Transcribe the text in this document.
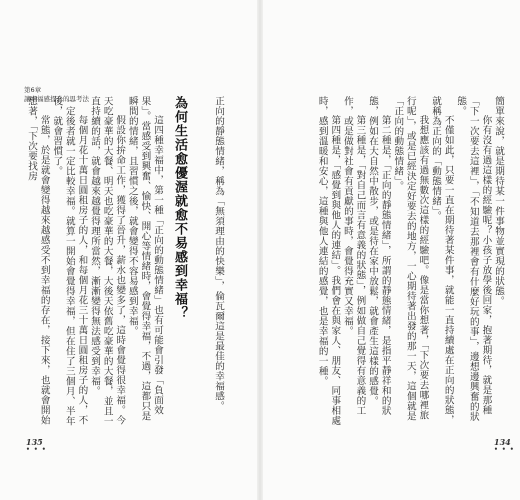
第6章
讓幸福感提升的思考法	為何生活愈優渥就愈不易感到幸福？	正向的靜態情緒，稱為「無須理由的快樂」，倫瓦爾這是最佳的幸福感。

這四種幸福中，第一種「正向的動態情緒」也有可能會引發「負面效果」。當感受到興奮、愉快、開心等情緒時，會覺得幸福，不過，這都只是瞬間的情緒，且習慣之後，就會變得不容易感到幸福。

假設你拚命工作，獲得了晉升，薪水也變多了，這時會覺得很幸福。今天吃豪華的大餐、明天也吃豪華的大餐，大後天依舊吃豪華的大餐，並且一直持續的話，就會越來越覺得理所當然，漸漸變得無法感受到幸福。

每個月花十萬日圓租房子的人，和每個月花三十萬日圓租房子的人，不一定後者就一定比較幸福。就算一開始會覺得幸福，但在住了三個月、半年後，就會習慣了。

常態，於是就會變得越來越感受不到幸福的存在，接下來，也就會開始想著，「下次要找房

135
• • •

簡單來說，就是期待某一件事物並實現的狀態。

你有沒有過這樣的經驗呢？小孩子放學後回家，抱著期待，就是那種「下一次要去這裡」，「不知道去那裡會有什麼好玩的事」，邊想邊興奮的狀態。

不僅如此，只要一直在期待著某件事，就能一直持續處在正向的狀態，就稱為正向的「動態情緒」。

我想應該有過無數次這樣的經驗吧。像是當你想著，「下次要去哪裡旅行呢」，或是已經決定好要去的地方，一心期待著出發的那一天，這個就是「正向的動態情緒」。

第二種是，「正向的靜態情緒」，所謂的靜態情緒，是指平靜祥和的狀態，例如在大自然中散步，或是待在家中放鬆，就會產生這樣的感覺。

第三種是，「對自己而言有意義的狀態」，例如做自己覺得有意義的工作，或是做對社會有貢獻的事時，會覺得充實又幸福。

第四種是，「感覺到與他人的連結」。我們會在與家人、朋友、同事相處時，感到溫暖和安心，這種與他人連結的感覺，也是幸福的一種。

134
• • •
